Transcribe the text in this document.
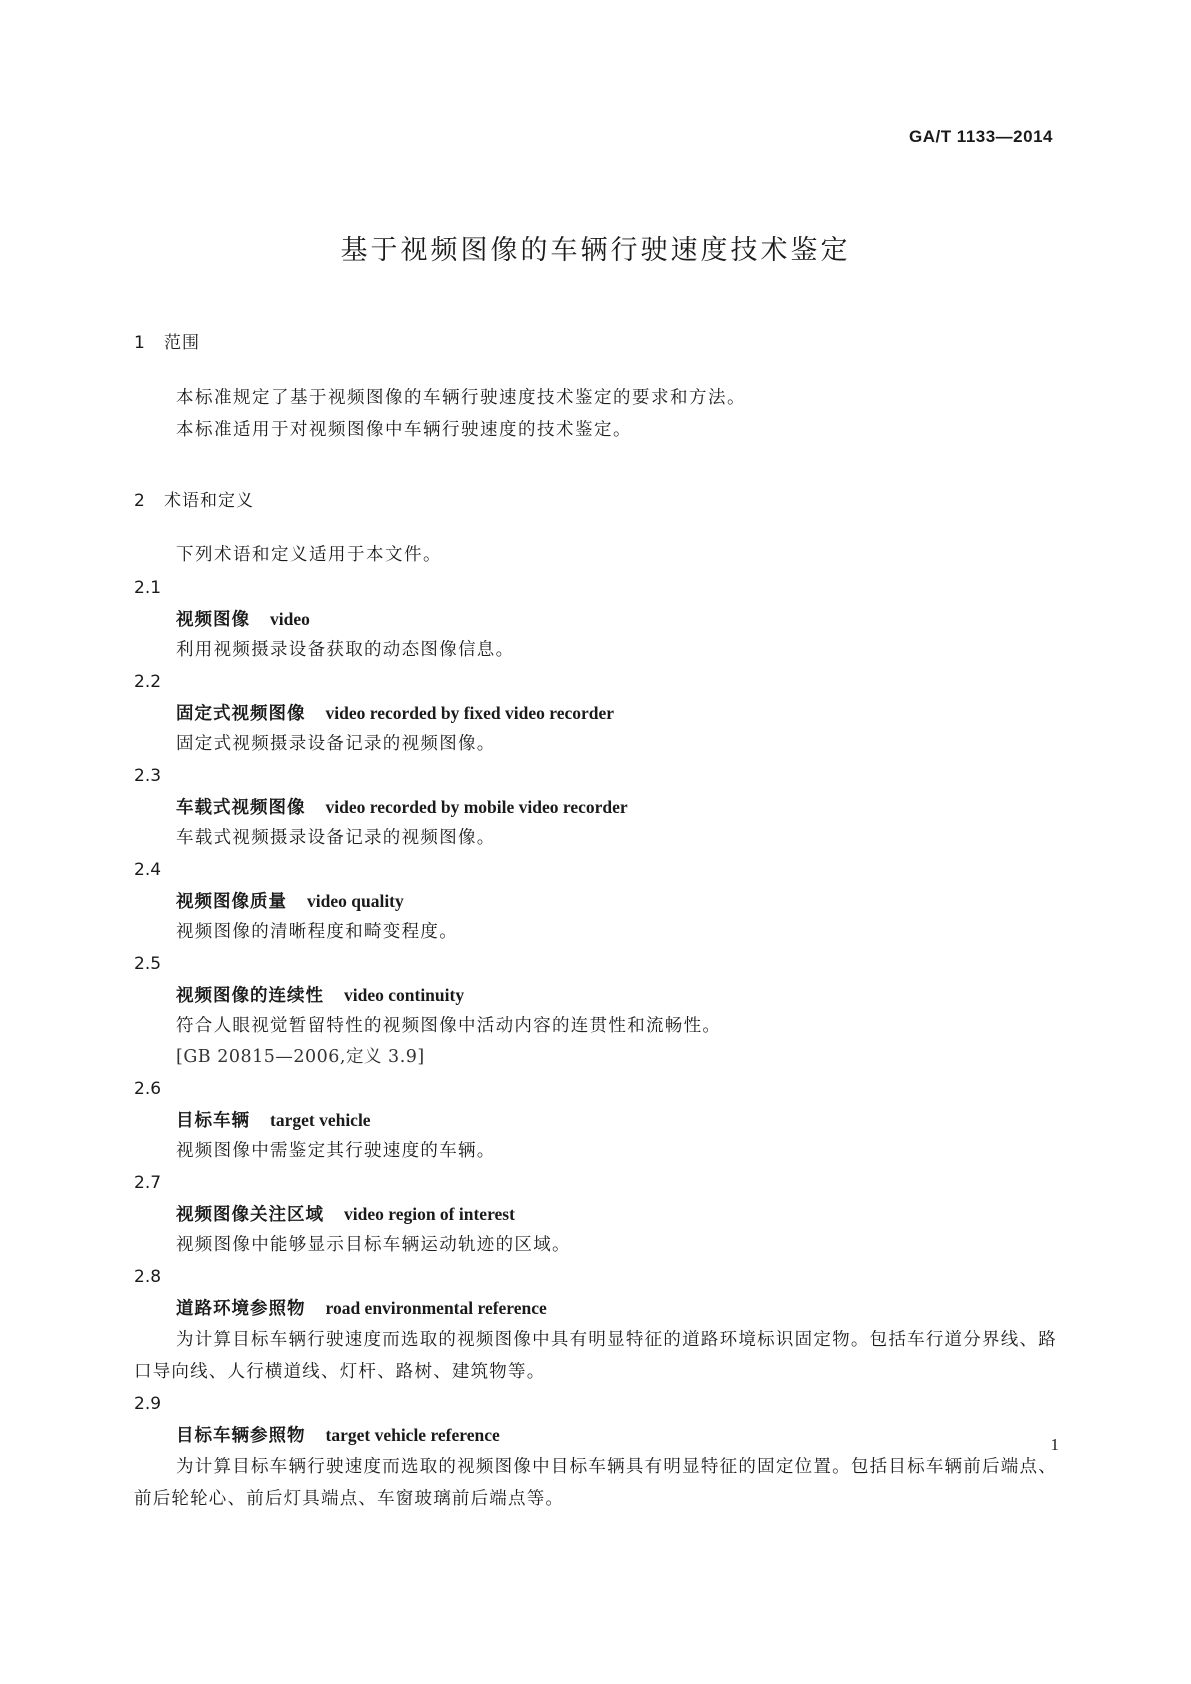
GA/T 1133—2014
基于视频图像的车辆行驶速度技术鉴定
1 范围
本标准规定了基于视频图像的车辆行驶速度技术鉴定的要求和方法。
本标准适用于对视频图像中车辆行驶速度的技术鉴定。
2 术语和定义
下列术语和定义适用于本文件。
2.1
视频图像 video
利用视频摄录设备获取的动态图像信息。
2.2
固定式视频图像 video recorded by fixed video recorder
固定式视频摄录设备记录的视频图像。
2.3
车载式视频图像 video recorded by mobile video recorder
车载式视频摄录设备记录的视频图像。
2.4
视频图像质量 video quality
视频图像的清晰程度和畸变程度。
2.5
视频图像的连续性 video continuity
符合人眼视觉暂留特性的视频图像中活动内容的连贯性和流畅性。
[GB 20815—2006,定义 3.9]
2.6
目标车辆 target vehicle
视频图像中需鉴定其行驶速度的车辆。
2.7
视频图像关注区域 video region of interest
视频图像中能够显示目标车辆运动轨迹的区域。
2.8
道路环境参照物 road environmental reference
为计算目标车辆行驶速度而选取的视频图像中具有明显特征的道路环境标识固定物。包括车行道分界线、路口导向线、人行横道线、灯杆、路树、建筑物等。
2.9
目标车辆参照物 target vehicle reference
为计算目标车辆行驶速度而选取的视频图像中目标车辆具有明显特征的固定位置。包括目标车辆前后端点、前后轮轮心、前后灯具端点、车窗玻璃前后端点等。
1
